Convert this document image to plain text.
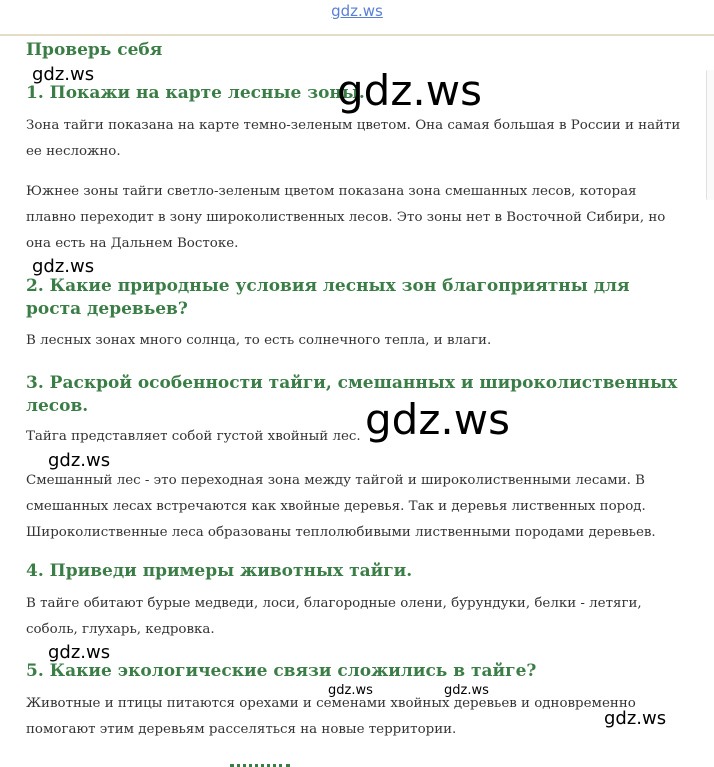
gdz.ws
Проверь себя
1. Покажи на карте лесные зоны.
Зона тайги показана на карте темно-зеленым цветом. Она самая большая в России и найти ее несложно.
Южнее зоны тайги светло-зеленым цветом показана зона смешанных лесов, которая плавно переходит в зону широколиственных лесов. Это зоны нет в Восточной Сибири, но она есть на Дальнем Востоке.
2. Какие природные условия лесных зон благоприятны для роста деревьев?
В лесных зонах много солнца, то есть солнечного тепла, и влаги.
3. Раскрой особенности тайги, смешанных и широколиственных лесов.
Тайга представляет собой густой хвойный лес.
Смешанный лес - это переходная зона между тайгой и широколиственными лесами. В смешанных лесах встречаются как хвойные деревья. Так и деревья лиственных пород. Широколиственные леса образованы теплолюбивыми лиственными породами деревьев.
4. Приведи примеры животных тайги.
В тайге обитают бурые медведи, лоси, благородные олени, бурундуки, белки - летяги, соболь, глухарь, кедровка.
5. Какие экологические связи сложились в тайге?
Животные и птицы питаются орехами и семенами хвойных деревьев и одновременно помогают этим деревьям расселяться на новые территории.
gdz.ws	gdz.ws
gdz.ws
gdz.ws
gdz.ws
gdz.ws
gdz.ws	gdz.ws
gdz.ws
